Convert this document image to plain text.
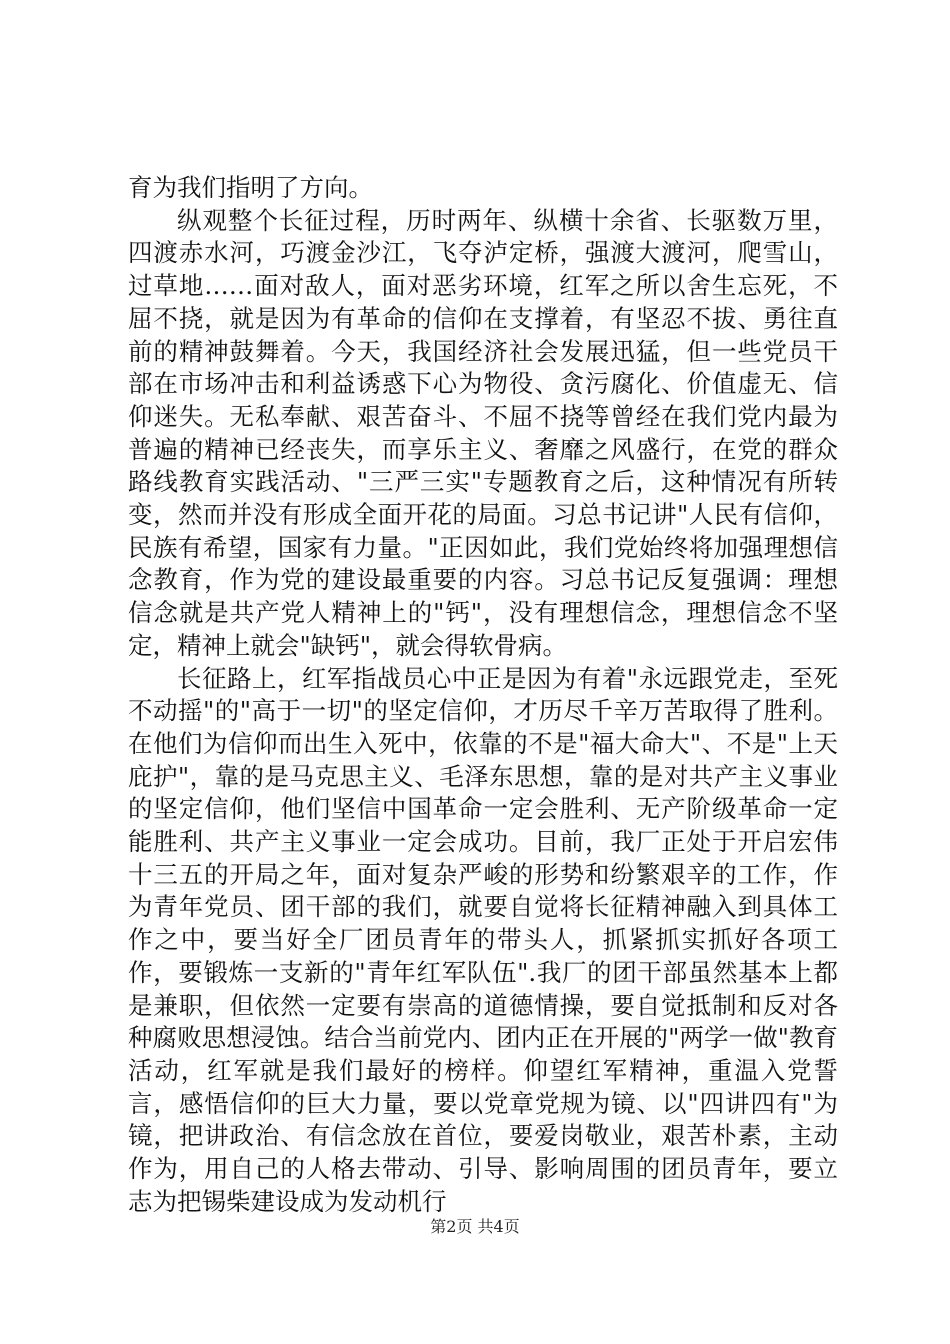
育为我们指明了方向。

纵观整个长征过程，历时两年、纵横十余省、长驱数万里，四渡赤水河，巧渡金沙江，飞夺泸定桥，强渡大渡河，爬雪山，过草地……面对敌人，面对恶劣环境，红军之所以舍生忘死，不屈不挠，就是因为有革命的信仰在支撑着，有坚忍不拔、勇往直前的精神鼓舞着。今天，我国经济社会发展迅猛，但一些党员干部在市场冲击和利益诱惑下心为物役、贪污腐化、价值虚无、信仰迷失。无私奉献、艰苦奋斗、不屈不挠等曾经在我们党内最为普遍的精神已经丧失，而享乐主义、奢靡之风盛行，在党的群众路线教育实践活动、"三严三实"专题教育之后，这种情况有所转变，然而并没有形成全面开花的局面。习总书记讲"人民有信仰，民族有希望，国家有力量。"正因如此，我们党始终将加强理想信念教育，作为党的建设最重要的内容。习总书记反复强调：理想信念就是共产党人精神上的"钙"，没有理想信念，理想信念不坚定，精神上就会"缺钙"，就会得软骨病。

长征路上，红军指战员心中正是因为有着"永远跟党走，至死不动摇"的"高于一切"的坚定信仰，才历尽千辛万苦取得了胜利。在他们为信仰而出生入死中，依靠的不是"福大命大"、不是"上天庇护"，靠的是马克思主义、毛泽东思想，靠的是对共产主义事业的坚定信仰，他们坚信中国革命一定会胜利、无产阶级革命一定能胜利、共产主义事业一定会成功。目前，我厂正处于开启宏伟十三五的开局之年，面对复杂严峻的形势和纷繁艰辛的工作，作为青年党员、团干部的我们，就要自觉将长征精神融入到具体工作之中，要当好全厂团员青年的带头人，抓紧抓实抓好各项工作，要锻炼一支新的"青年红军队伍".我厂的团干部虽然基本上都是兼职，但依然一定要有崇高的道德情操，要自觉抵制和反对各种腐败思想浸蚀。结合当前党内、团内正在开展的"两学一做"教育活动，红军就是我们最好的榜样。仰望红军精神，重温入党誓言，感悟信仰的巨大力量，要以党章党规为镜、以"四讲四有"为镜，把讲政治、有信念放在首位，要爱岗敬业，艰苦朴素，主动作为，用自己的人格去带动、引导、影响周围的团员青年，要立志为把锡柴建设成为发动机行

第2页 共4页
